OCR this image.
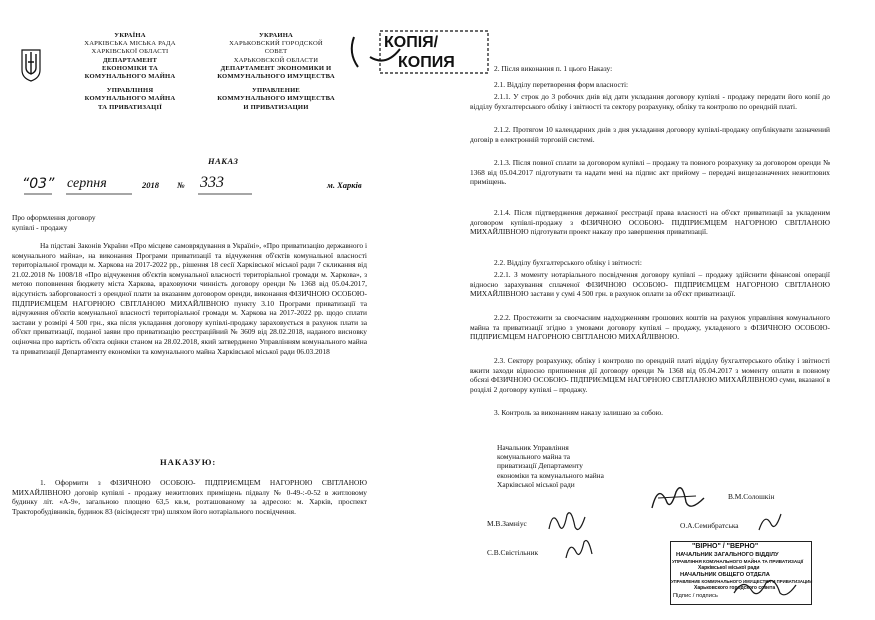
УКРАЇНА
ХАРКІВСЬКА МІСЬКА РАДА
ХАРКІВСЬКОЇ ОБЛАСТІ
ДЕПАРТАМЕНТ
ЕКОНОМІКИ ТА
КОМУНАЛЬНОГО МАЙНА
УПРАВЛІННЯ
КОМУНАЛЬНОГО МАЙНА
ТА ПРИВАТИЗАЦІЇ
УКРАИНА
ХАРЬКОВСКИЙ ГОРОДСКОЙ
СОВЕТ
ХАРЬКОВСКОЙ ОБЛАСТИ
ДЕПАРТАМЕНТ ЭКОНОМИКИ И
КОММУНАЛЬНОГО ИМУЩЕСТВА
УПРАВЛЕНИЕ
КОММУНАЛЬНОГО ИМУЩЕСТВА
И ПРИВАТИЗАЦИИ
КОПІЯ/
КОПИЯ
НАКАЗ
“03” серпня	2018 № 333	м. Харків
Про оформлення договору
купівлі - продажу
На підставі Законів України «Про місцеве самоврядування в Україні», «Про приватизацію державного і комунального майна», на виконання Програми приватизації та відчуження об'єктів комунальної власності територіальної громади м. Харкова на 2017-2022 рр., рішення 18 сесії Харківської міської ради 7 скликання від 21.02.2018 № 1008/18 «Про відчуження об'єктів комунальної власності територіальної громади м. Харкова», з метою поповнення бюджету міста Харкова, враховуючи чинність договору оренди № 1368 від 05.04.2017, відсутність заборгованості з орендної плати за вказаним договором оренди, виконання ФІЗИЧНОЮ ОСОБОЮ- ПІДПРИЄМЦЕМ НАГОРНОЮ СВІТЛАНОЮ МИХАЙЛІВНОЮ пункту 3.10 Програми приватизації та відчуження об'єктів комунальної власності територіальної громади м. Харкова на 2017-2022 рр. щодо сплати застави у розмірі 4 500 грн., яка після укладання договору купівлі-продажу зараховується в рахунок плати за об'єкт приватизації, поданої заяви про приватизацію реєстраційний № 3609 від 28.02.2018, наданого висновку оціночна про вартість об'єкта оцінки станом на 28.02.2018, який затверджено Управлінням комунального майна та приватизації Департаменту економіки та комунального майна Харківської міської ради 06.03.2018
НАКАЗУЮ:
1. Оформити з ФІЗИЧНОЮ ОСОБОЮ- ПІДПРИЄМЦЕМ НАГОРНОЮ СВІТЛАНОЮ МИХАЙЛІВНОЮ договір купівлі - продажу нежитлових приміщень підвалу № 0-49-:-0-52 в житловому будинку літ. «А-9», загальною площею 63,5 кв.м, розташованому за адресою: м. Харків, проспект Тракторобудівників, будинок 83 (вісімдесят три) шляхом його нотаріального посвідчення.
2. Після виконання п. 1 цього Наказу:
2.1. Відділу перетворення форм власності:
2.1.1. У строк до 3 робочих днів від дати укладання договору купівлі - продажу передати його копії до відділу бухгалтерського обліку і звітності та сектору розрахунку, обліку та контролю по орендній платі.
2.1.2. Протягом 10 календарних днів з дня укладання договору купівлі-продажу опублікувати зазначений договір в електронній торговій системі.
2.1.3. Після повної сплати за договором купівлі – продажу та повного розрахунку за договором оренди № 1368 від 05.04.2017 підготувати та надати мені на підпис акт прийому – передачі вищезазначених нежитлових приміщень.
2.1.4. Після підтвердження державної реєстрації права власності на об'єкт приватизації за укладеним договором купівлі-продажу з ФІЗИЧНОЮ ОСОБОЮ- ПІДПРИЄМЦЕМ НАГОРНОЮ СВІТЛАНОЮ МИХАЙЛІВНОЮ підготувати проект наказу про завершення приватизації.
2.2. Відділу бухгалтерського обліку і звітності:
2.2.1. З моменту нотаріального посвідчення договору купівлі – продажу здійснити фінансові операції відносно зарахування сплаченої ФІЗИЧНОЮ ОСОБОЮ- ПІДПРИЄМЦЕМ НАГОРНОЮ СВІТЛАНОЮ МИХАЙЛІВНОЮ застави у сумі 4 500 грн. в рахунок оплати за об'єкт приватизації.
2.2.2. Простежити за своєчасним надходженням грошових коштів на рахунок управління комунального майна та приватизації згідно з умовами договору купівлі – продажу, укладеного з ФІЗИЧНОЮ ОСОБОЮ- ПІДПРИЄМЦЕМ НАГОРНОЮ СВІТЛАНОЮ МИХАЙЛІВНОЮ.
2.3. Сектору розрахунку, обліку і контролю по орендній платі відділу бухгалтерського обліку і звітності вжити заходи відносно припинення дії договору оренди № 1368 від 05.04.2017 з моменту оплати в повному обсязі ФІЗИЧНОЮ ОСОБОЮ- ПІДПРИЄМЦЕМ НАГОРНОЮ СВІТЛАНОЮ МИХАЙЛІВНОЮ суми, вказаної в розділі 2 договору купівлі – продажу.
3. Контроль за виконанням наказу залишаю за собою.
Начальник Управління
комунального майна та
приватизації Департаменту
економіки та комунального майна
Харківської міської ради
В.М.Солошкін
М.В.Замніус	О.А.Семибратська
С.В.Свістільник
"ВІРНО" / "ВЕРНО"
НАЧАЛЬНИК ЗАГАЛЬНОГО ВІДДІЛУ
УПРАВЛІННЯ КОМУНАЛЬНОГО МАЙНА ТА ПРИВАТИЗАЦІЇ
Харківської міської ради
НАЧАЛЬНИК ОБЩЕГО ОТДЕЛА
УПРАВЛЕНИЕ КОММУНАЛЬНОГО ИМУЩЕСТВА И ПРИВАТИЗАЦИИ
Харьковского городского совета
Підпис / подпись
